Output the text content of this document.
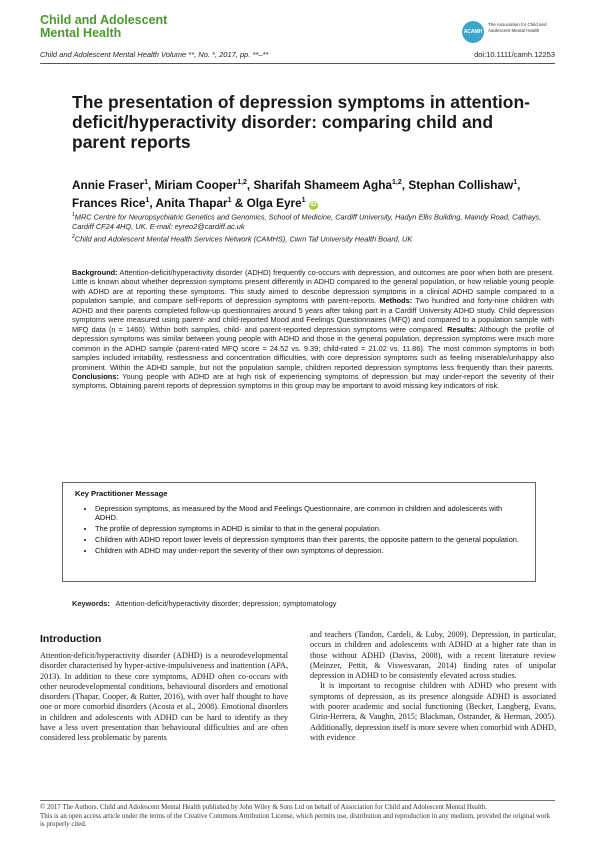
Child and Adolescent
Mental Health	ACAMH
The Association for Child and Adolescent Mental Health
Child and Adolescent Mental Health Volume **, No. *, 2017, pp. **–**	doi:10.1111/camh.12253
The presentation of depression symptoms in attention-deficit/hyperactivity disorder: comparing child and parent reports
Annie Fraser$^1$, Miriam Cooper$^{1,2}$, Sharifah Shameem Agha$^{1,2}$, Stephan Collishaw$^1$,
Frances Rice$^1$, Anita Thapar$^1$ & Olga Eyre$^1$ iD
$^1$MRC Centre for Neuropsychiatric Genetics and Genomics, School of Medicine, Cardiff University, Hadyn Ellis Building, Maindy Road, Cathays, Cardiff CF24 4HQ, UK. E-mail: eyreo2@cardiff.ac.uk
$^2$Child and Adolescent Mental Health Services Network (CAMHS), Cwm Taf University Health Board, UK
Background: Attention-deficit/hyperactivity disorder (ADHD) frequently co-occurs with depression, and outcomes are poor when both are present. Little is known about whether depression symptoms present differently in ADHD compared to the general population, or how reliable young people with ADHD are at reporting these symptoms. This study aimed to describe depression symptoms in a clinical ADHD sample compared to a population sample, and compare self-reports of depression symptoms with parent-reports. Methods: Two hundred and forty-nine children with ADHD and their parents completed follow-up questionnaires around 5 years after taking part in a Cardiff University ADHD study. Child depression symptoms were measured using parent- and child-reported Mood and Feelings Questionnaires (MFQ) and compared to a population sample with MFQ data (n = 1460). Within both samples, child- and parent-reported depression symptoms were compared. Results: Although the profile of depression symptoms was similar between young people with ADHD and those in the general population, depression symptoms were much more common in the ADHD sample (parent-rated MFQ score = 24.52 vs. 9.39; child-rated = 21.02 vs. 11.86). The most common symptoms in both samples included irritability, restlessness and concentration difficulties, with core depression symptoms such as feeling miserable/unhappy also prominent. Within the ADHD sample, but not the population sample, children reported depression symptoms less frequently than their parents. Conclusions: Young people with ADHD are at high risk of experiencing symptoms of depression but may under-report the severity of their symptoms. Obtaining parent reports of depression symptoms in this group may be important to avoid missing key indicators of risk.
Key Practitioner Message
• Depression symptoms, as measured by the Mood and Feelings Questionnaire, are common in children and adolescents with ADHD.
• The profile of depression symptoms in ADHD is similar to that in the general population.
• Children with ADHD report lower levels of depression symptoms than their parents, the opposite pattern to the general population.
• Children with ADHD may under-report the severity of their own symptoms of depression.
Keywords: Attention-deficit/hyperactivity disorder; depression; symptomatology
Introduction
Attention-deficit/hyperactivity disorder (ADHD) is a neurodevelopmental disorder characterised by hyper-active-impulsiveness and inattention (APA, 2013). In addition to these core symptoms, ADHD often co-occurs with other neurodevelopmental conditions, behavioural disorders and emotional disorders (Thapar, Cooper, & Rutter, 2016), with over half thought to have one or more comorbid disorders (Acosta et al., 2008). Emotional disorders in children and adolescents with ADHD can be hard to identify as they have a less overt presentation than behavioural difficulties and are often considered less problematic by parents

and teachers (Tandon, Cardeli, & Luby, 2009). Depression, in particular, occurs in children and adolescents with ADHD at a higher rate than in those without ADHD (Daviss, 2008), with a recent literature review (Meinzer, Pettit, & Viswesvaran, 2014) finding rates of unipolar depression in ADHD to be consistently elevated across studies.

It is important to recognise children with ADHD who present with symptoms of depression, as its presence alongside ADHD is associated with poorer academic and social functioning (Becker, Langberg, Evans, Girio-Herrera, & Vaughn, 2015; Blackman, Ostrander, & Herman, 2005). Additionally, depression itself is more severe when comorbid with ADHD, with evidence

© 2017 The Authors. Child and Adolescent Mental Health published by John Wiley & Sons Ltd on behalf of Association for Child and Adolescent Mental Health.
This is an open access article under the terms of the Creative Commons Attribution License, which permits use, distribution and reproduction in any medium, provided the original work is properly cited.
